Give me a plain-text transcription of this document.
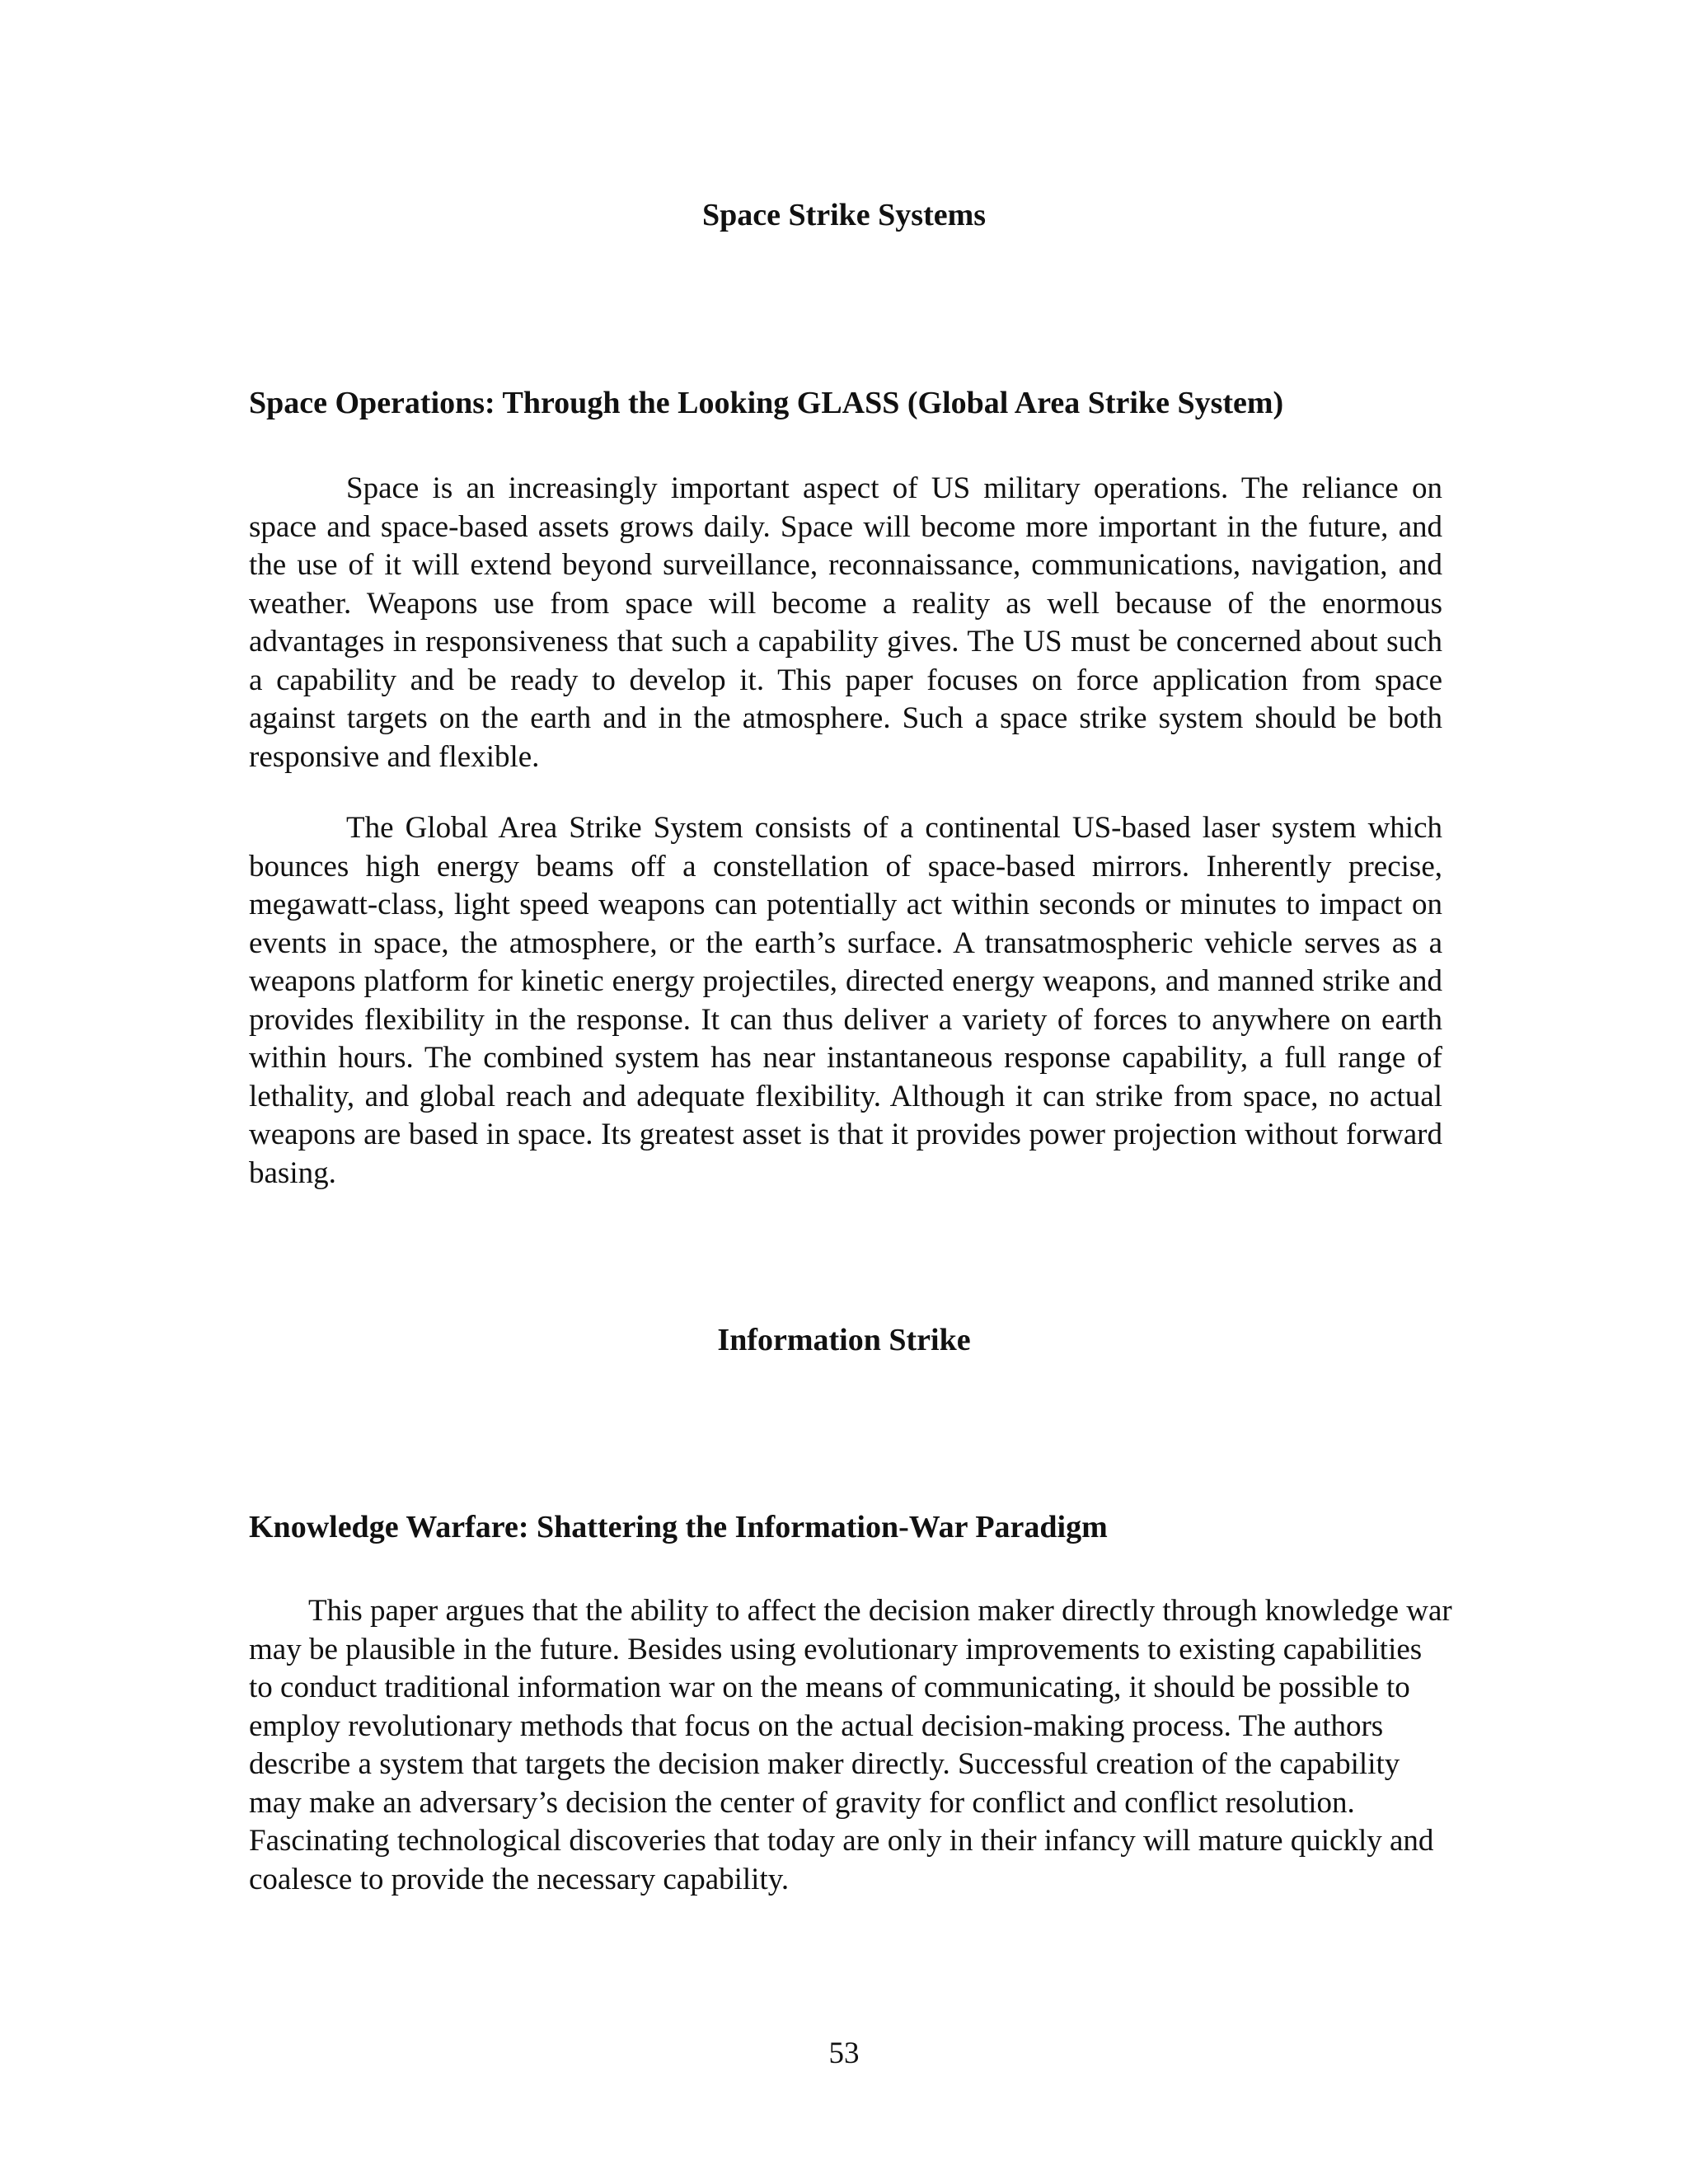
Space Strike Systems
Space Operations: Through the Looking GLASS (Global Area Strike System)

Space is an increasingly important aspect of US military operations. The reliance on space and space-based assets grows daily. Space will become more important in the future, and the use of it will extend beyond surveillance, reconnaissance, communications, navigation, and weather. Weapons use from space will become a reality as well because of the enormous advantages in responsiveness that such a capability gives. The US must be concerned about such a capability and be ready to develop it. This paper focuses on force application from space against targets on the earth and in the atmosphere. Such a space strike system should be both responsive and flexible.

The Global Area Strike System consists of a continental US-based laser system which bounces high energy beams off a constellation of space-based mirrors. Inherently precise, megawatt-class, light speed weapons can potentially act within seconds or minutes to impact on events in space, the atmosphere, or the earth’s surface. A transatmospheric vehicle serves as a weapons platform for kinetic energy projectiles, directed energy weapons, and manned strike and provides flexibility in the response. It can thus deliver a variety of forces to anywhere on earth within hours. The combined system has near instantaneous response capability, a full range of lethality, and global reach and adequate flexibility. Although it can strike from space, no actual weapons are based in space. Its greatest asset is that it provides power projection without forward basing.

Information Strike
Knowledge Warfare: Shattering the Information-War Paradigm

This paper argues that the ability to affect the decision maker directly through knowledge war may be plausible in the future. Besides using evolutionary improvements to existing capabilities to conduct traditional information war on the means of communicating, it should be possible to employ revolutionary methods that focus on the actual decision-making process. The authors describe a system that targets the decision maker directly. Successful creation of the capability may make an adversary’s decision the center of gravity for conflict and conflict resolution. Fascinating technological discoveries that today are only in their infancy will mature quickly and coalesce to provide the necessary capability.

53
